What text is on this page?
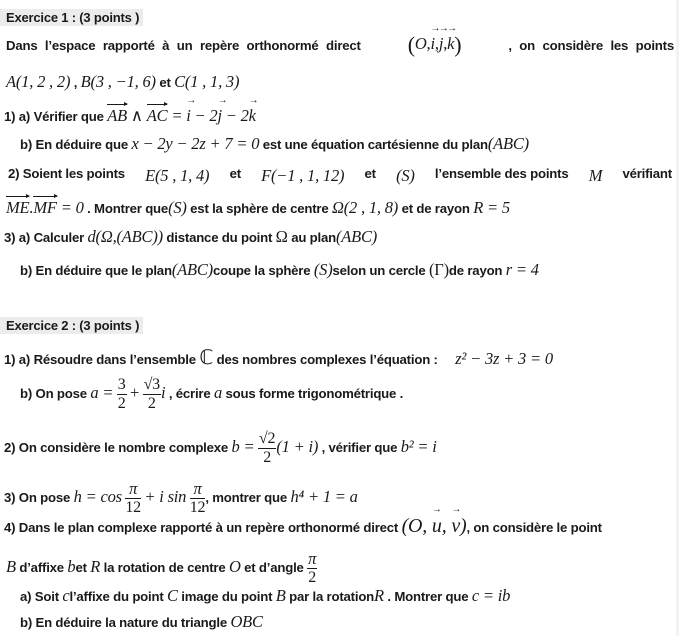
Exercice 1 : (3 points )
Dans l’espace rapporté à un repère orthonormé direct (O,→ i,→ j,→ k)	, on considère les points
A(1, 2 , 2) , B(3 , −1, 6) et C(1 , 1, 3)
1) a) Vérifier que AB ∧ AC = → i − 2→ j − 2→ k
b) En déduire que x − 2y − 2z + 7 = 0 est une équation cartésienne du plan(ABC)
2) Soient les points E(5 , 1, 4) et F(−1 , 1, 12) et (S) l’ensemble des points M vérifiant
ME.MF = 0 . Montrer que(S) est la sphère de centre Ω(2 , 1, 8) et de rayon R = 5
3) a) Calculer d(Ω,(ABC)) distance du point Ω au plan(ABC)
b) En déduire que le plan(ABC)coupe la sphère (S)selon un cercle (Γ)de rayon r = 4
Exercice 2 : (3 points )
1) a) Résoudre dans l’ensemble ℂ des nombres complexes l’équation : z² − 3z + 3 = 0
b) On pose $a = \frac{3}{2} + \frac{√3}{2}$ i , écrire a sous forme trigonométrique .
2) On considère le nombre complexe $b = \frac{√2}{2} (1 + i)$ , vérifier que b² = i
3) On pose $h = \cos \frac{\pi}{12} + i$ $\sin \frac{\pi}{12}$ , montrer que h⁴ + 1 = a
4) Dans le plan complexe rapporté à un repère orthonormé direct (O, → u, → v), on considère le point
B d’affixe bet R la rotation de centre O et d’angle $\frac{\pi}{2}$
a) Soit cl’affixe du point C image du point B par la rotationR . Montrer que c = ib
b) En déduire la nature du triangle OBC
